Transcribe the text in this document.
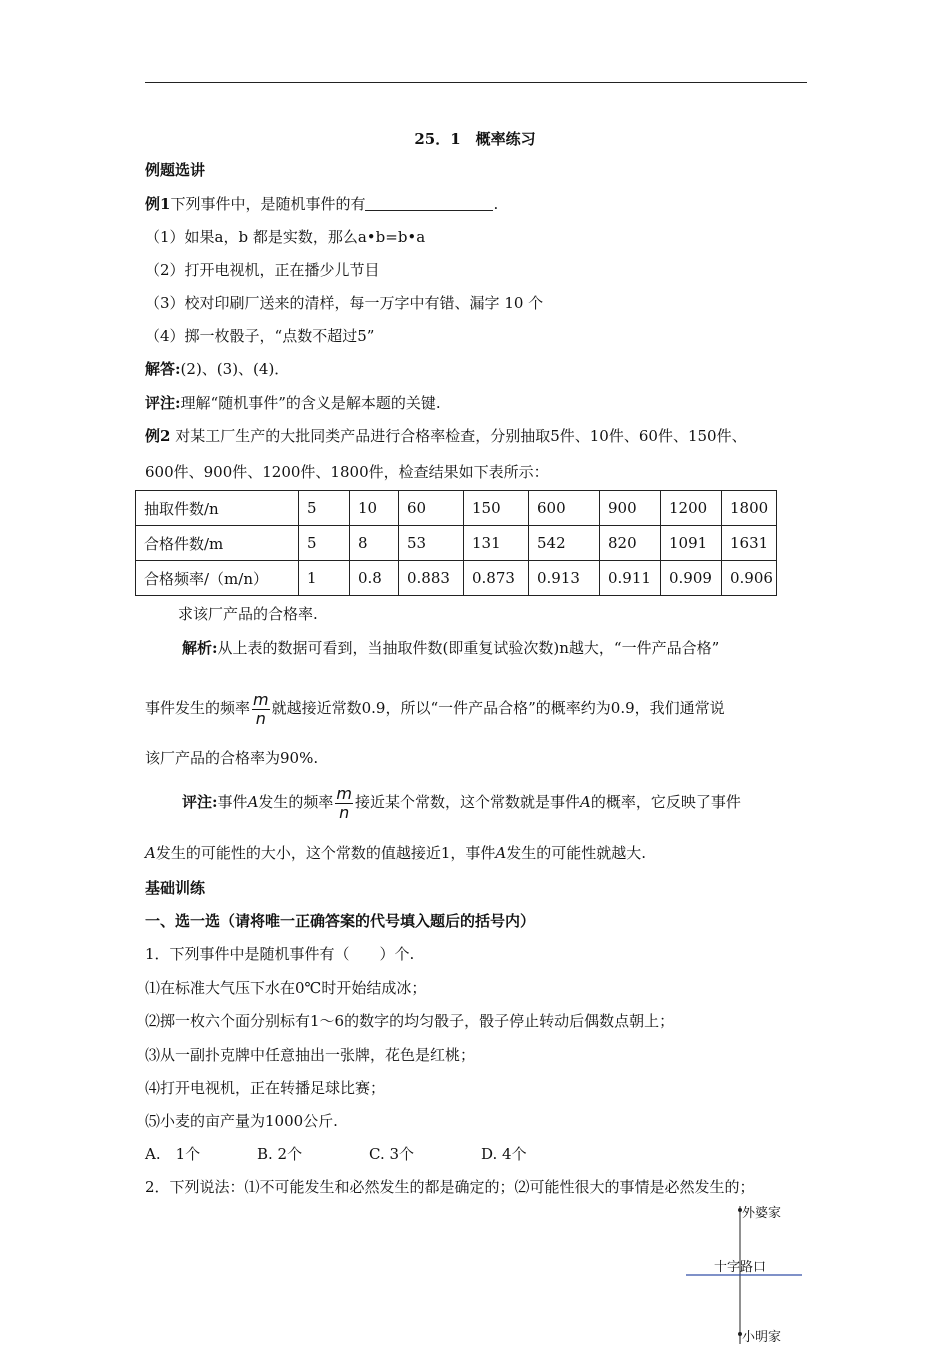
25．1　概率练习
例题选讲
例1下列事件中，是随机事件的有	.
（1）如果a，b 都是实数，那么a•b=b•a
（2）打开电视机，正在播少儿节目
（3）校对印刷厂送来的清样，每一万字中有错、漏字 10 个
（4）掷一枚骰子，“点数不超过5”
解答:(2)、(3)、(4)．
评注:理解“随机事件”的含义是解本题的关键.
例2 对某工厂生产的大批同类产品进行合格率检查，分别抽取5件、10件、60件、150件、
600件、900件、1200件、1800件，检查结果如下表所示：
抽取件数/n	5	10	60	150	600	900	1200	1800
合格件数/m	5	8	53	131	542	820	1091	1631
合格频率/（m/n）	1	0.8	0.883	0.873	0.913	0.911	0.909	0.906
求该厂产品的合格率.
解析:从上表的数据可看到，当抽取件数(即重复试验次数)n越大，“一件产品合格”
事件发生的频率 $\frac{m}{n}$ 就越接近常数0.9，所以“一件产品合格”的概率约为0.9，我们通常说
该厂产品的合格率为90%.
评注:事件A发生的频率 $\frac{m}{n}$ 接近某个常数，这个常数就是事件A的概率，它反映了事件
A发生的可能性的大小，这个常数的值越接近1，事件A发生的可能性就越大.
基础训练
一、选一选（请将唯一正确答案的代号填入题后的括号内）
1．下列事件中是随机事件有（　　）个.
⑴在标准大气压下水在0℃时开始结成冰；
⑵掷一枚六个面分别标有1～6的数字的均匀骰子，骰子停止转动后偶数点朝上；
⑶从一副扑克牌中任意抽出一张牌，花色是红桃；
⑷打开电视机，正在转播足球比赛；
⑸小麦的亩产量为1000公斤.
A.　1个	B. 2个	C. 3个	D. 4个
2．下列说法：⑴不可能发生和必然发生的都是确定的；⑵可能性很大的事情是必然发生的；
外婆家
十字路口
小明家
